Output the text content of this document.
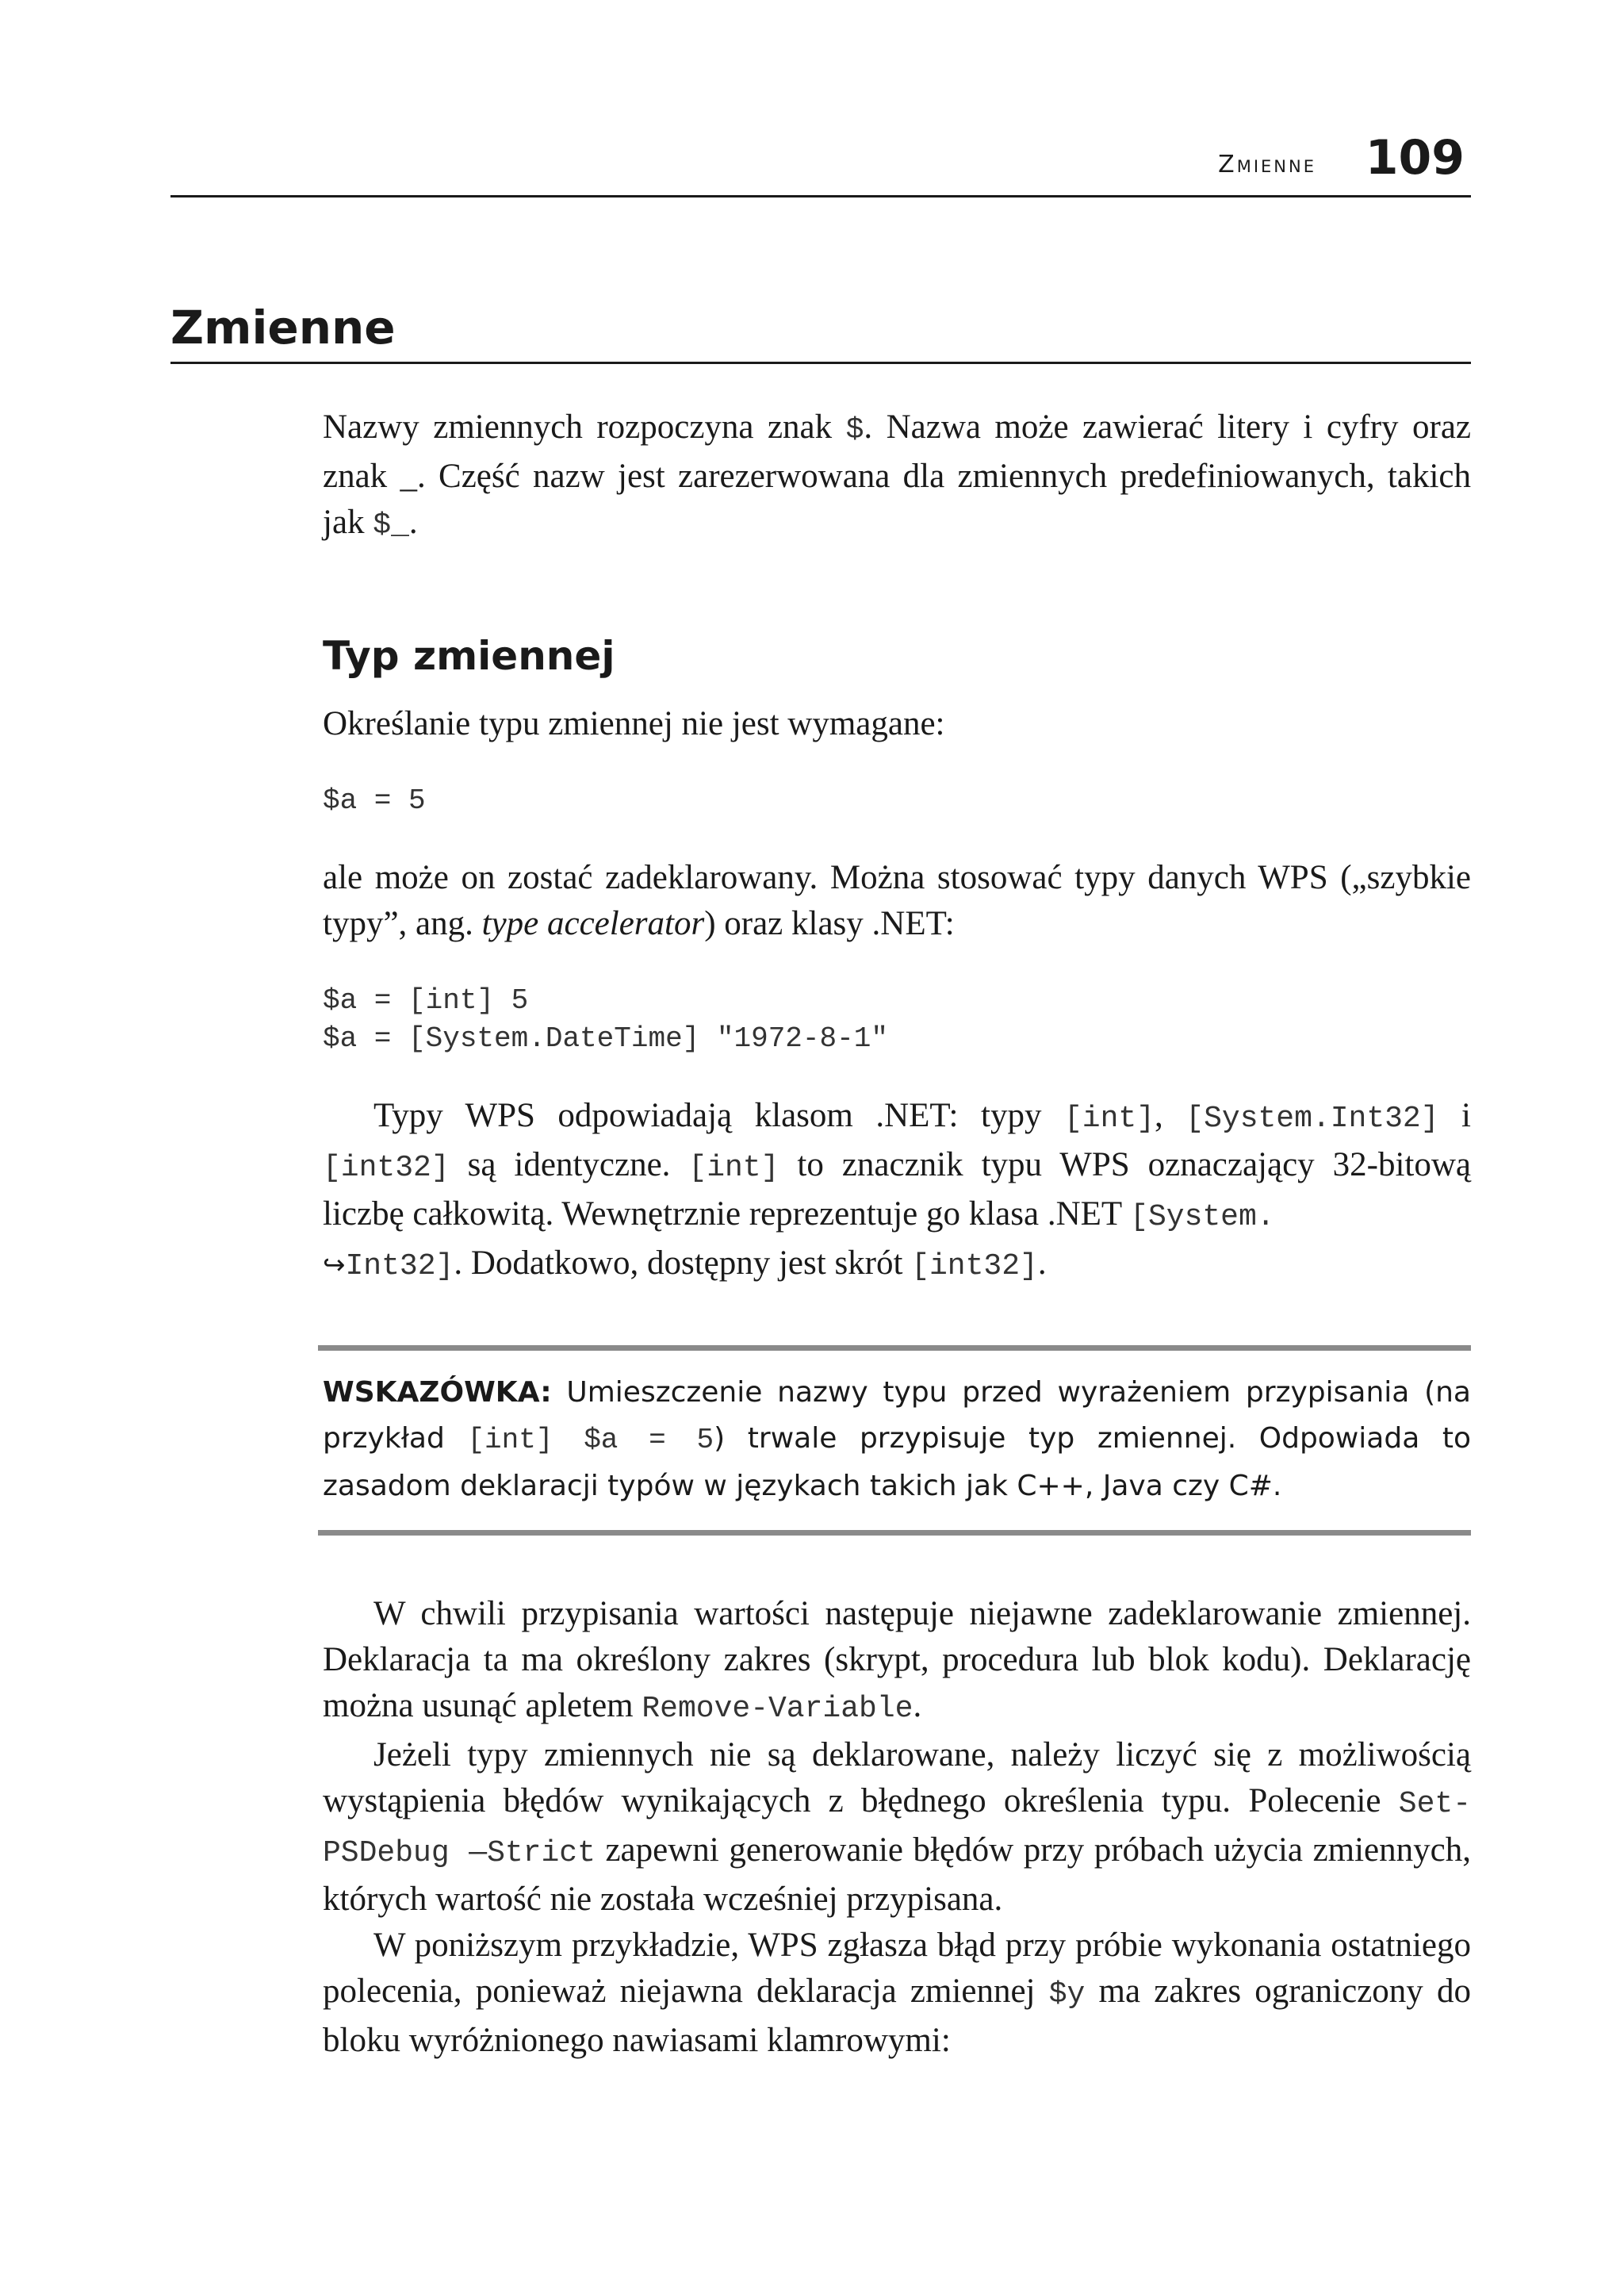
Zmienne 109
Zmienne

Nazwy zmiennych rozpoczyna znak $. Nazwa może zawierać litery i cyfry oraz znak _. Część nazw jest zarezerwowana dla zmiennych predefiniowanych, takich jak $_.

Typ zmiennej

Określanie typu zmiennej nie jest wymagane:

$a = 5

ale może on zostać zadeklarowany. Można stosować typy danych WPS („szybkie typy”, ang. type accelerator) oraz klasy .NET:

$a = [int] 5
$a = [System.DateTime] "1972-8-1"

Typy WPS odpowiadają klasom .NET: typy [int], [System.Int32] i [int32] są identyczne. [int] to znacznik typu WPS oznaczający 32-bitową liczbę całkowitą. Wewnętrznie reprezentuje go klasa .NET [System.
↪Int32]. Dodatkowo, dostępny jest skrót [int32].

WSKAZÓWKA: Umieszczenie nazwy typu przed wyrażeniem przypisania (na przykład [int] $a = 5) trwale przypisuje typ zmiennej. Odpowiada to zasadom deklaracji typów w językach takich jak C++, Java czy C#.

W chwili przypisania wartości następuje niejawne zadeklarowanie zmiennej. Deklaracja ta ma określony zakres (skrypt, procedura lub blok kodu). Deklarację można usunąć apletem Remove-Variable.

Jeżeli typy zmiennych nie są deklarowane, należy liczyć się z możliwością wystąpienia błędów wynikających z błędnego określenia typu. Polecenie Set-PSDebug —Strict zapewni generowanie błędów przy próbach użycia zmiennych, których wartość nie została wcześniej przypisana.

W poniższym przykładzie, WPS zgłasza błąd przy próbie wykonania ostatniego polecenia, ponieważ niejawna deklaracja zmiennej $y ma zakres ograniczony do bloku wyróżnionego nawiasami klamrowymi:
